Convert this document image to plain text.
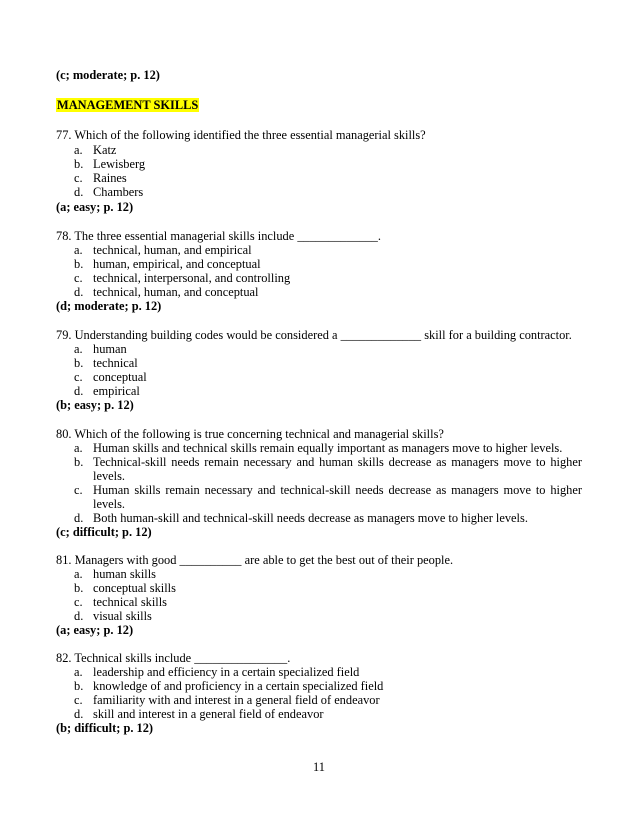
(c; moderate; p. 12)
MANAGEMENT SKILLS
77. Which of the following identified the three essential managerial skills?
a. Katz
b. Lewisberg
c. Raines
d. Chambers
(a; easy; p. 12)
78. The three essential managerial skills include _____________.
a. technical, human, and empirical
b. human, empirical, and conceptual
c. technical, interpersonal, and controlling
d. technical, human, and conceptual
(d; moderate; p. 12)
79. Understanding building codes would be considered a _____________ skill for a building contractor.
a. human
b. technical
c. conceptual
d. empirical
(b; easy; p. 12)
80. Which of the following is true concerning technical and managerial skills?
a. Human skills and technical skills remain equally important as managers move to higher levels.
b. Technical-skill needs remain necessary and human skills decrease as managers move to higher
levels.
c. Human skills remain necessary and technical-skill needs decrease as managers move to higher
levels.
d. Both human-skill and technical-skill needs decrease as managers move to higher levels.
(c; difficult; p. 12)
81. Managers with good __________ are able to get the best out of their people.
a. human skills
b. conceptual skills
c. technical skills
d. visual skills
(a; easy; p. 12)
82. Technical skills include _______________.
a. leadership and efficiency in a certain specialized field
b. knowledge of and proficiency in a certain specialized field
c. familiarity with and interest in a general field of endeavor
d. skill and interest in a general field of endeavor
(b; difficult; p. 12)
11
